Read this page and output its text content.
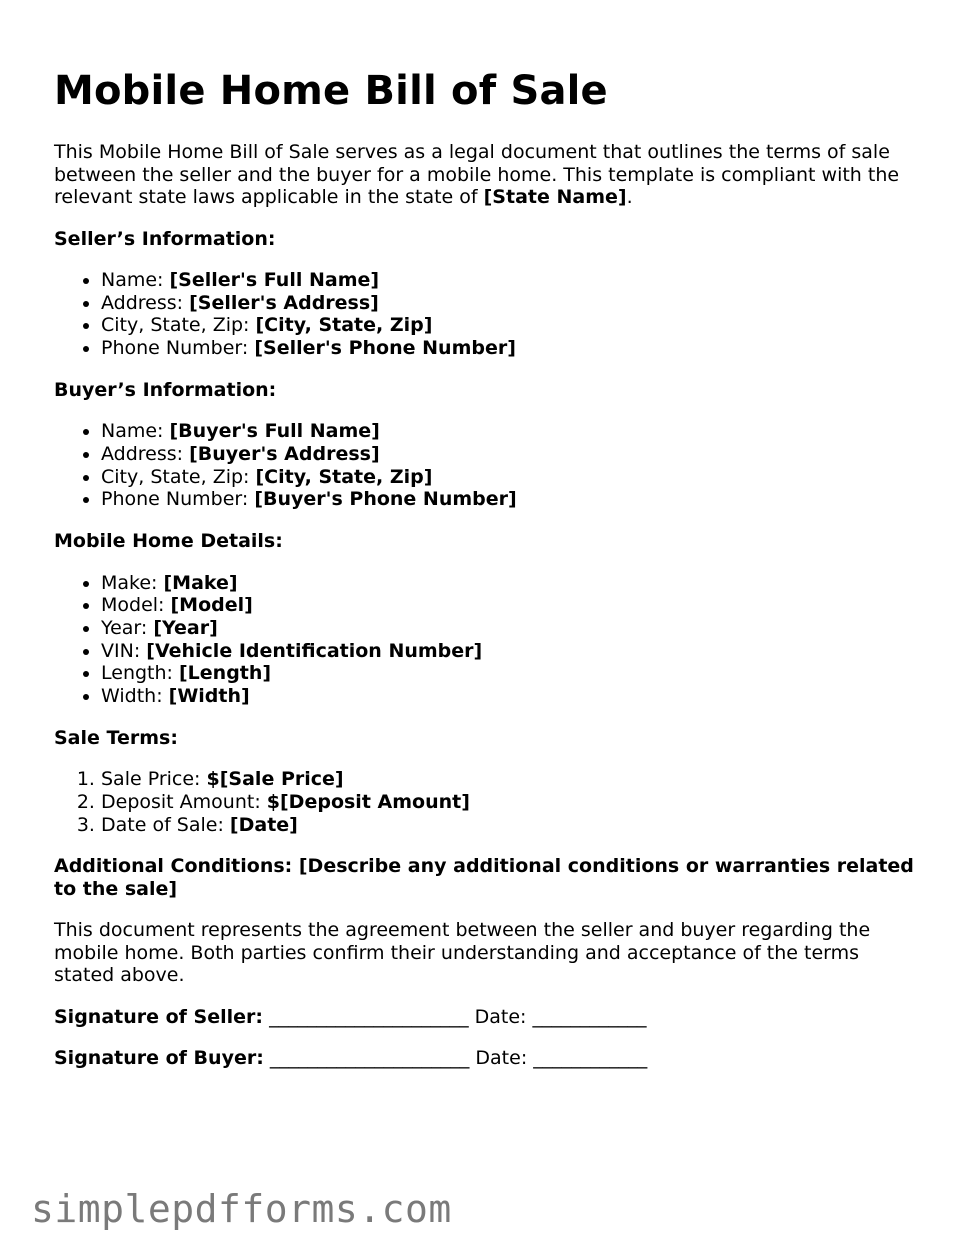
Mobile Home Bill of Sale

This Mobile Home Bill of Sale serves as a legal document that outlines the terms of sale between the seller and the buyer for a mobile home. This template is compliant with the relevant state laws applicable in the state of [State Name].

Seller’s Information:
• Name: [Seller's Full Name]
• Address: [Seller's Address]
• City, State, Zip: [City, State, Zip]
• Phone Number: [Seller's Phone Number]
Buyer’s Information:
• Name: [Buyer's Full Name]
• Address: [Buyer's Address]
• City, State, Zip: [City, State, Zip]
• Phone Number: [Buyer's Phone Number]
Mobile Home Details:
• Make: [Make]
• Model: [Model]
• Year: [Year]
• VIN: [Vehicle Identification Number]
• Length: [Length]
• Width: [Width]
Sale Terms:
1. Sale Price: $[Sale Price]
2. Deposit Amount: $[Deposit Amount]
3. Date of Sale: [Date]
Additional Conditions: [Describe any additional conditions or warranties related to the sale]

This document represents the agreement between the seller and buyer regarding the mobile home. Both parties confirm their understanding and acceptance of the terms stated above.

Signature of Seller: _____________________ Date: ____________
Signature of Buyer: _____________________ Date: ____________
simplepdfforms.com
